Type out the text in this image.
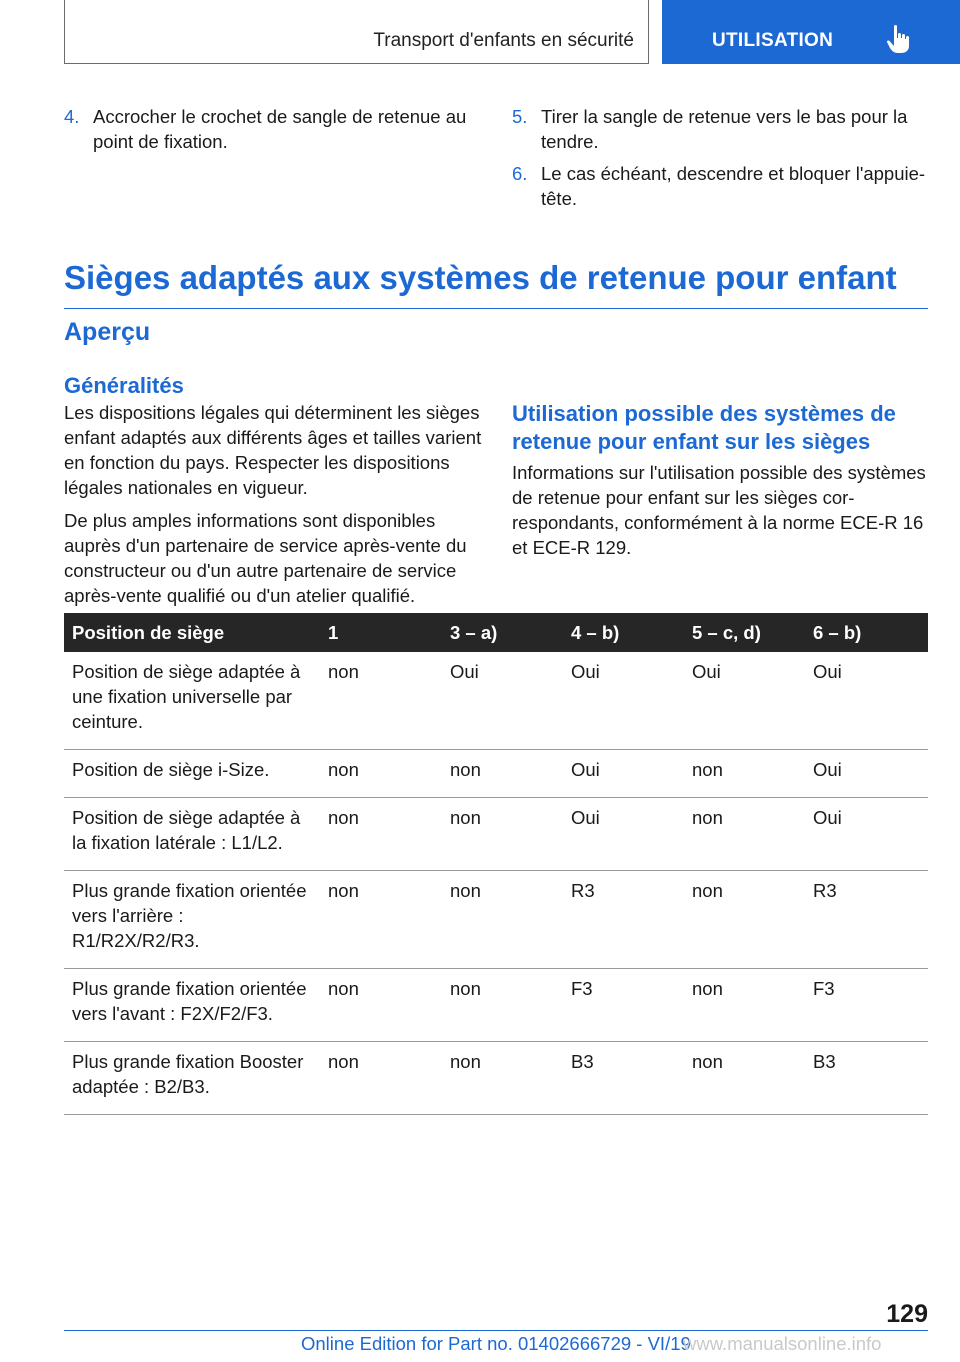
Transport d'enfants en sécurité	UTILISATION
4. Accrocher le crochet de sangle de retenue au point de fixation.
5. Tirer la sangle de retenue vers le bas pour la tendre.
6. Le cas échéant, descendre et bloquer l'appuie-tête.
Sièges adaptés aux systèmes de retenue pour enfant
Aperçu
Généralités

Les dispositions légales qui déterminent les sièges enfant adaptés aux différents âges et tailles varient en fonction du pays. Respecter les dispositions légales nationales en vigueur.

De plus amples informations sont disponibles auprès d'un partenaire de service après-vente du constructeur ou d'un autre partenaire de service après-vente qualifié ou d'un atelier qualifié.

Utilisation possible des systèmes de retenue pour enfant sur les sièges

Informations sur l'utilisation possible des systèmes de retenue pour enfant sur les sièges correspondants, conformément à la norme ECE-R 16 et ECE-R 129.

Position de siège	1	3 – a)	4 – b)	5 – c, d)	6 – b)
Position de siège adaptée à une fixation universelle par ceinture.	non	Oui	Oui	Oui	Oui
Position de siège i-Size.	non	non	Oui	non	Oui
Position de siège adaptée à la fixation latérale : L1/L2.	non	non	Oui	non	Oui
Plus grande fixation orientée vers l'arrière : R1/R2X/R2/R3.	non	non	R3	non	R3
Plus grande fixation orientée vers l'avant : F2X/F2/F3.	non	non	F3	non	F3
Plus grande fixation Booster adaptée : B2/B3.	non	non	B3	non	B3
129
Online Edition for Part no. 01402666729 - VI/19
www.manualsonline.info
